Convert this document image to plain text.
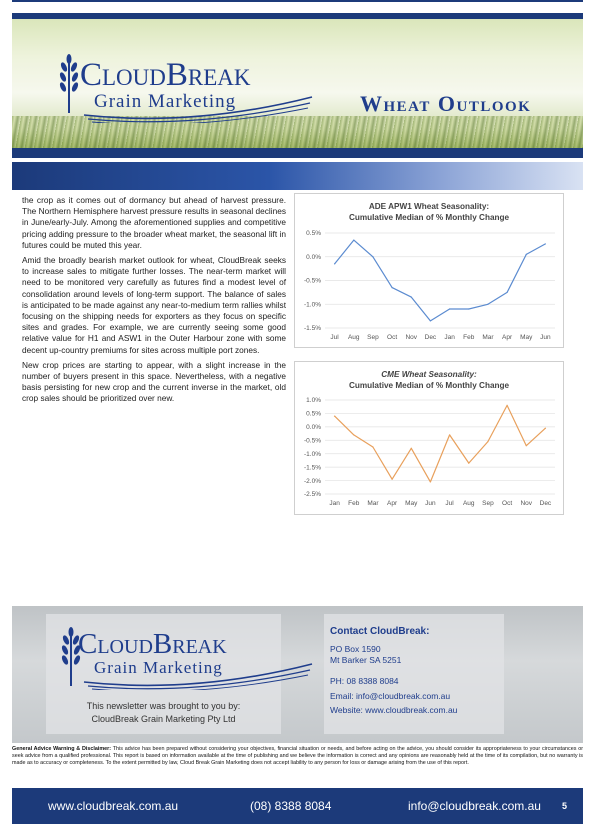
CloudBreak
Grain Marketing	Wheat Outlook

the crop as it comes out of dormancy but ahead of harvest pressure. The Northern Hemisphere harvest pressure results in seasonal declines in June/early-July. Among the aforementioned supplies and competitive pricing adding pressure to the broader wheat market, the seasonal lift in futures could be muted this year.

Amid the broadly bearish market outlook for wheat, CloudBreak seeks to increase sales to mitigate further losses. The near-term market will need to be monitored very carefully as futures find a modest level of consolidation around levels of long-term support. The balance of sales is anticipated to be made against any near-to-medium term rallies whilst focusing on the shipping needs for exporters as they focus on specific sites and grades. For example, we are currently seeing some good relative value for H1 and ASW1 in the Outer Harbour zone with some decent up-country premiums for sites across multiple port zones.

New crop prices are starting to appear, with a slight increase in the number of buyers present in this space. Nevertheless, with a negative basis persisting for new crop and the current inverse in the market, old crop sales should be prioritized over new.

ADE APW1 Wheat Seasonality:
Cumulative Median of % Monthly Change
0.5%
0.0%
-0.5%
-1.0%
-1.5%
Jul Aug Sep Oct Nov Dec Jan Feb Mar Apr May Jun
CME Wheat Seasonality:
Cumulative Median of % Monthly Change
1.0%
0.5%
0.0%
-0.5%
-1.0%
-1.5%
-2.0%
-2.5%
Jan Feb Mar Apr May Jun Jul Aug Sep Oct Nov Dec
CloudBreak
Grain Marketing
This newsletter was brought to you by:
CloudBreak Grain Marketing Pty Ltd
Contact CloudBreak:
PO Box 1590
Mt Barker SA 5251
PH: 08 8388 8084
Email: info@cloudbreak.com.au
Website: www.cloudbreak.com.au
General Advice Warning & Disclaimer: This advice has been prepared without considering your objectives, financial situation or needs, and before acting on the advice, you should consider its appropriateness to your circumstances or seek advice from a qualified professional. This report is based on information available at the time of publishing and we believe the information is correct and any opinions are reasonably held at the time of its compilation, but no warranty is made as to accuracy or completeness. To the extent permitted by law, Cloud Break Grain Marketing does not accept liability to any person for loss or damage arising from the use of this report.
www.cloudbreak.com.au	(08) 8388 8084	info@cloudbreak.com.au 5
